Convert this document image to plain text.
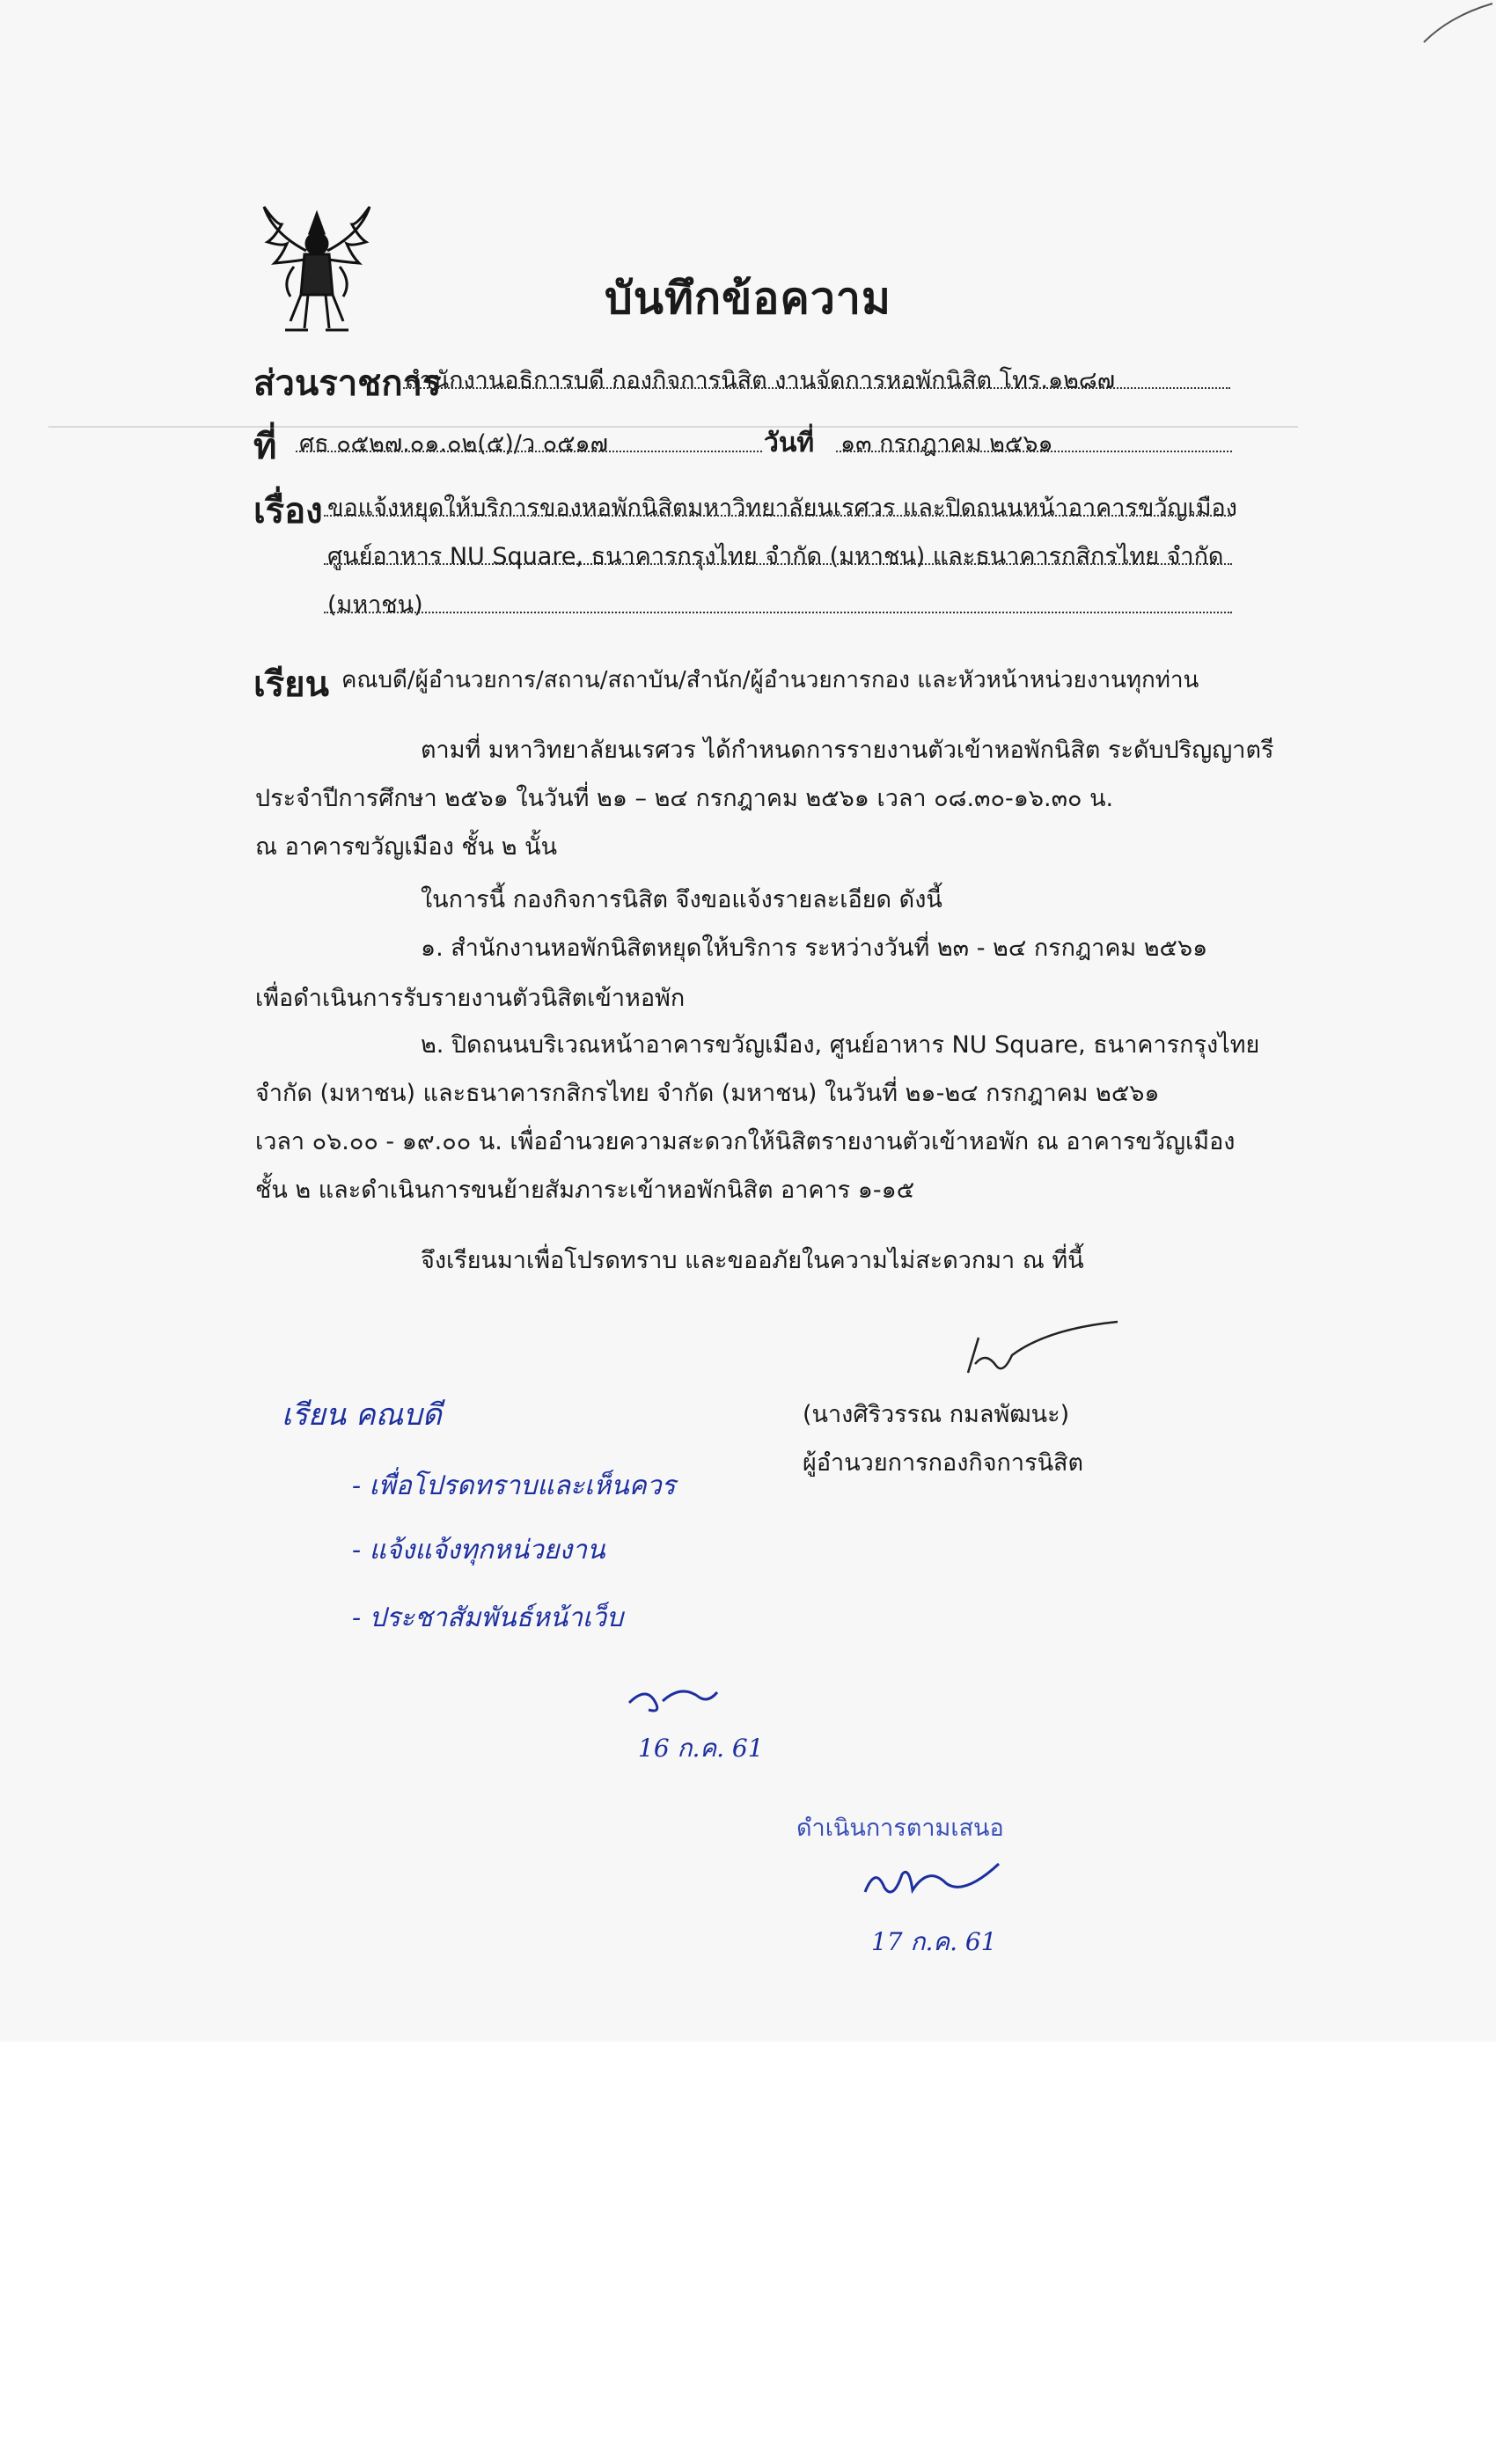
บันทึกข้อความ
ส่วนราชการ
สำนักงานอธิการบดี กองกิจการนิสิต งานจัดการหอพักนิสิต โทร.๑๒๘๗
ที่ ศธ ๐๕๒๗.๐๑.๐๒(๕)/ว ๐๕๑๗	วันที่ ๑๓ กรกฎาคม ๒๕๖๑
เรื่อง ขอแจ้งหยุดให้บริการของหอพักนิสิตมหาวิทยาลัยนเรศวร และปิดถนนหน้าอาคารขวัญเมือง
ศูนย์อาหาร NU Square, ธนาคารกรุงไทย จำกัด (มหาชน) และธนาคารกสิกรไทย จำกัด
(มหาชน)
เรียน คณบดี/ผู้อำนวยการ/สถาน/สถาบัน/สำนัก/ผู้อำนวยการกอง และหัวหน้าหน่วยงานทุกท่าน
ตามที่ มหาวิทยาลัยนเรศวร ได้กำหนดการรายงานตัวเข้าหอพักนิสิต ระดับปริญญาตรี
ประจำปีการศึกษา ๒๕๖๑ ในวันที่ ๒๑ – ๒๔ กรกฎาคม ๒๕๖๑ เวลา ๐๘.๓๐-๑๖.๓๐ น.
ณ อาคารขวัญเมือง ชั้น ๒ นั้น
ในการนี้ กองกิจการนิสิต จึงขอแจ้งรายละเอียด ดังนี้
๑. สำนักงานหอพักนิสิตหยุดให้บริการ ระหว่างวันที่ ๒๓ - ๒๔ กรกฎาคม ๒๕๖๑
เพื่อดำเนินการรับรายงานตัวนิสิตเข้าหอพัก
๒. ปิดถนนบริเวณหน้าอาคารขวัญเมือง, ศูนย์อาหาร NU Square, ธนาคารกรุงไทย
จำกัด (มหาชน) และธนาคารกสิกรไทย จำกัด (มหาชน) ในวันที่ ๒๑-๒๔ กรกฎาคม ๒๕๖๑
เวลา ๐๖.๐๐ - ๑๙.๐๐ น. เพื่ออำนวยความสะดวกให้นิสิตรายงานตัวเข้าหอพัก ณ อาคารขวัญเมือง
ชั้น ๒ และดำเนินการขนย้ายสัมภาระเข้าหอพักนิสิต อาคาร ๑-๑๕
จึงเรียนมาเพื่อโปรดทราบ และขออภัยในความไม่สะดวกมา ณ ที่นี้
(นางศิริวรรณ กมลพัฒนะ)
ผู้อำนวยการกองกิจการนิสิต
เรียน คณบดี
- เพื่อโปรดทราบและเห็นควร
- แจ้งแจ้งทุกหน่วยงาน
- ประชาสัมพันธ์หน้าเว็บ
16 ก.ค. 61
ดำเนินการตามเสนอ
17 ก.ค. 61
